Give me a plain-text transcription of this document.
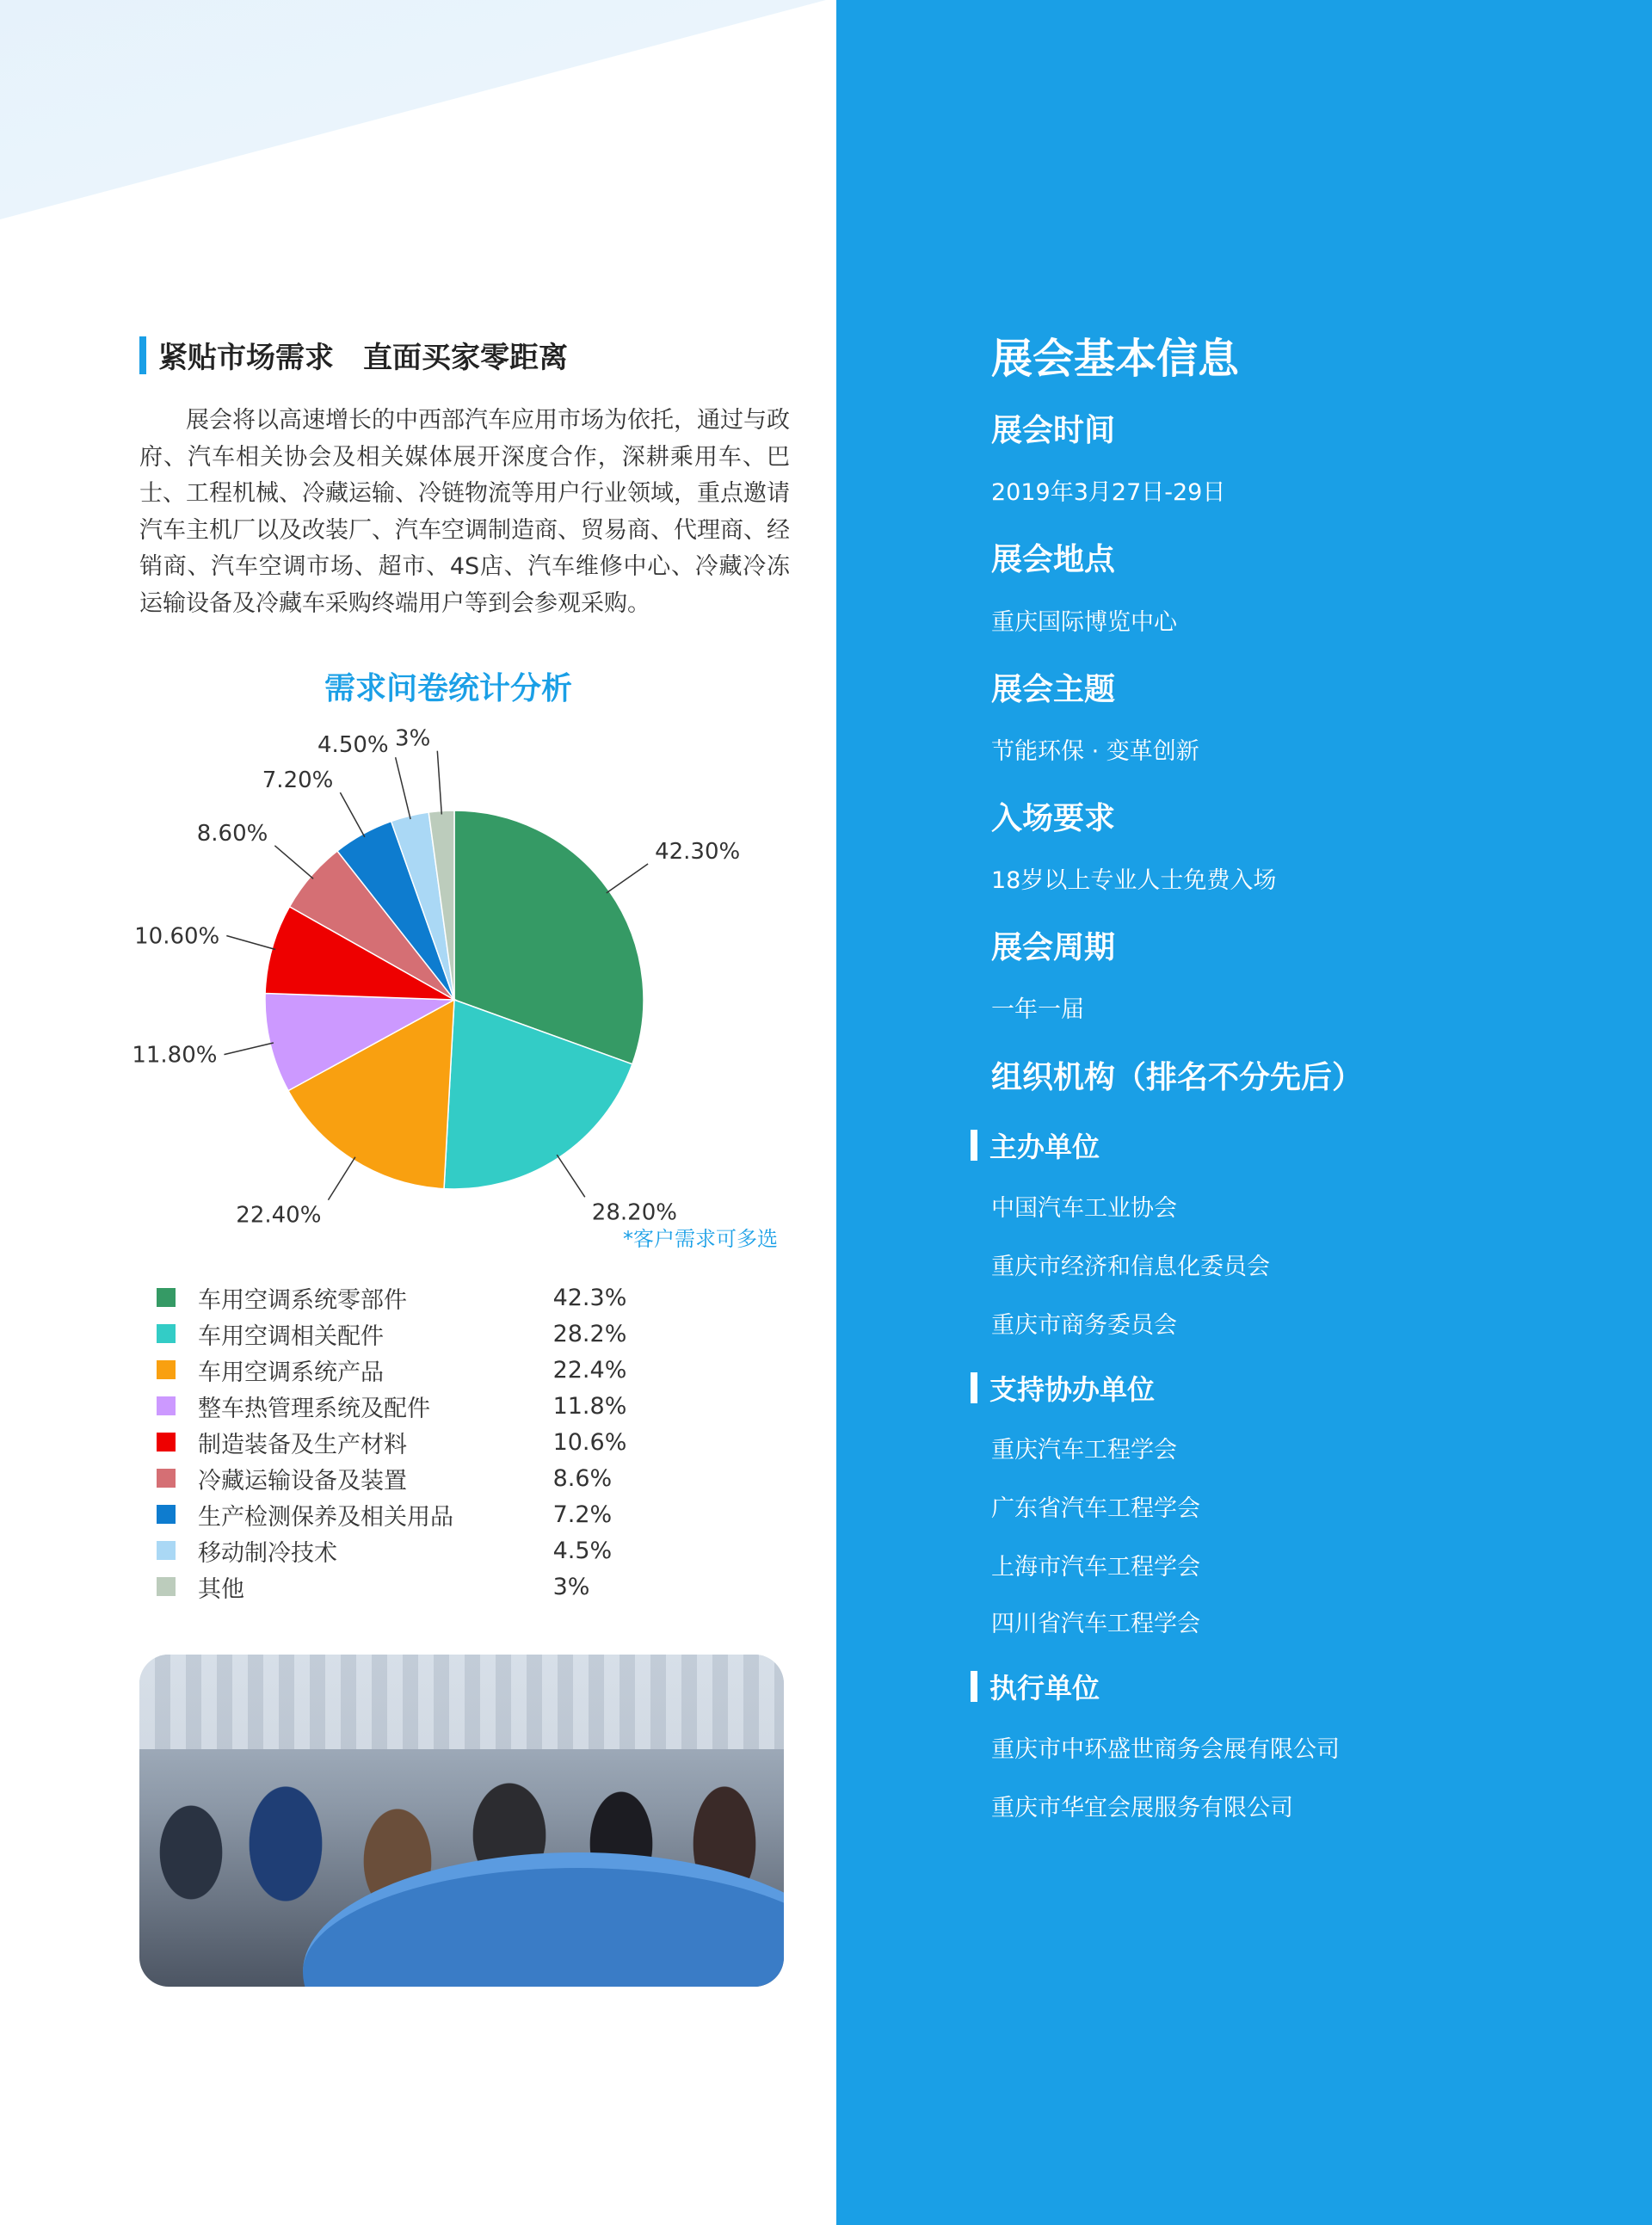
紧贴市场需求　直面买家零距离

展会将以高速增长的中西部汽车应用市场为依托，通过与政府、汽车相关协会及相关媒体展开深度合作，深耕乘用车、巴士、工程机械、冷藏运输、冷链物流等用户行业领域，重点邀请汽车主机厂以及改装厂、汽车空调制造商、贸易商、代理商、经销商、汽车空调市场、超市、4S店、汽车维修中心、冷藏冷冻运输设备及冷藏车采购终端用户等到会参观采购。

需求问卷统计分析
42.30%
28.20%
22.40%
11.80%
10.60%
8.60%
7.20%
4.50% 3%
*客户需求可多选
车用空调系统零部件	42.3%
车用空调相关配件	28.2%
车用空调系统产品	22.4%
整车热管理系统及配件	11.8%
制造装备及生产材料	10.6%
冷藏运输设备及装置	8.6%
生产检测保养及相关用品	7.2%
移动制冷技术	4.5%
其他	3%
展会基本信息
展会时间
2019年3月27日-29日
展会地点
重庆国际博览中心
展会主题
节能环保 · 变革创新
入场要求
18岁以上专业人士免费入场
展会周期
一年一届
组织机构（排名不分先后）
主办单位
中国汽车工业协会
重庆市经济和信息化委员会
重庆市商务委员会
支持协办单位
重庆汽车工程学会
广东省汽车工程学会
上海市汽车工程学会
四川省汽车工程学会
执行单位
重庆市中环盛世商务会展有限公司
重庆市华宜会展服务有限公司
